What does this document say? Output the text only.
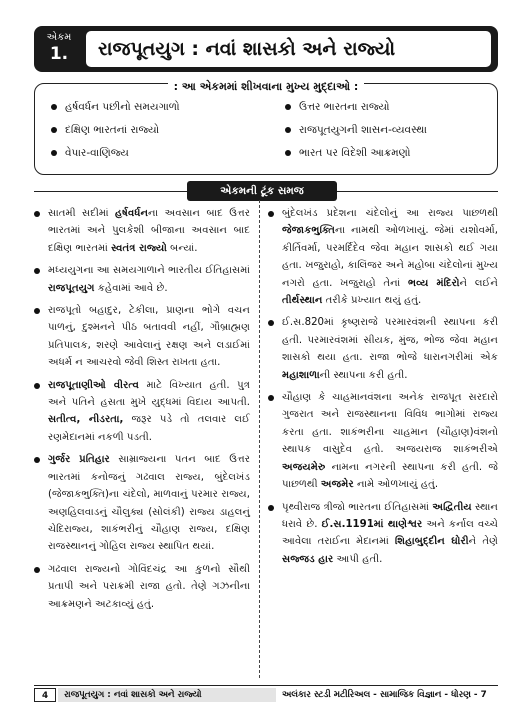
એકમ
1.	રાજપૂતયુગ : નવાં શાસકો અને રાજ્યો
: આ એકમમાં શીખવાના મુખ્ય મુદ્દાઓ :
હર્ષવર્ધન પછીનો સમયગાળો
દક્ષિણ ભારતનાં રાજ્યો
વેપાર-વાણિજ્ય
ઉત્તર ભારતના રાજ્યો
રાજપૂતયુગની શાસન-વ્યવસ્થા
ભારત પર વિદેશી આક્રમણો
એકમની ટૂંક સમજ
સાતમી સદીમાં હર્ષવર્ધનના અવસાન બાદ ઉત્તર ભારતમાં અને પુલકેશી બીજાના અવસાન બાદ દક્ષિણ ભારતમાં સ્વતંત્ર રાજ્યો બન્યાં.
મધ્યયુગના આ સમયગાળાને ભારતીય ઈતિહાસમાં રાજપૂતયુગ કહેવામાં આવે છે.
રાજપૂતો બહાદુર, ટેકીલા, પ્રાણના ભોગે વચન પાળનું, દુશ્મનને પીઠ બતાવવી નહીં, ગૌબ્રાહ્મણ પ્રતિપાલક, શરણે આવેલાનું રક્ષણ અને લડાઈમાં અધર્મ ન આચરવો જેવી શિસ્ત રાખતા હતા.
રાજપૂતાણીઓ વીરત્વ માટે વિખ્યાત હતી. પુત્ર અને પતિને હસતા મુખે યુદ્ધમાં વિદાય આપતી. સતીત્વ, નીડરતા, જરૂર પડે તો તલવાર લઈ રણમેદાનમાં નકળી પડતી.
ગુર્જર પ્રતિહાર સામ્રાજ્યના પતન બાદ ઉત્તર ભારતમાં કનોજનું ગઢવાલ રાજ્ય, બુંદેલખંડ (જેજાકભુક્તિ)ના ચંદેલો, માળવાનું પરમાર રાજ્ય, અણહિલવાડનું ચૌલુક્ય (સોલંકી) રાજ્ય ડાહલનું ચેદિરાજ્ય, શાકંભરીનું ચૌહાણ રાજ્ય, દક્ષિણ રાજસ્થાનનું ગોહિલ રાજ્ય સ્થાપિત થયાં.
ગઢવાલ રાજ્યનો ગોવિંદચંદ્ર આ કુળનો સૌથી પ્રતાપી અને પરાક્રમી રાજા હતો. તેણે ગઝનીના આક્રમણને અટકાવ્યું હતું.
બુંદેલખંડ પ્રદેશના ચંદેલોનું આ રાજ્ય પાછળથી જેજાકભુક્તિના નામથી ઓળખાયું. જેમાં યશોવર્મા, કીર્તિવર્મા, પરમર્દિદેવ જેવા મહાન શાસકો થઈ ગયા હતા. ખજુરાહો, કાલિંજર અને મહોબા ચંદેલોનાં મુખ્ય નગરો હતા. ખજુરાહો તેનાં ભવ્ય મંદિરોને લઈને તીર્થસ્થાન તરીકે પ્રખ્યાત થયું હતું.
ઈ.સ.820માં કૃષ્ણરાજે પરમારવંશની સ્થાપના કરી હતી. પરમારવંશમાં સીયક, મુંજ, ભોજ જેવા મહાન શાસકો થયા હતા. રાજા ભોજે ધારાનગરીમાં એક મહાશાળાની સ્થાપના કરી હતી.
ચૌહાણ કે ચાહમાનવંશના અનેક રાજપૂત સરદારો ગુજરાત અને રાજસ્થાનના વિવિધ ભાગોમાં રાજ્ય કરતા હતા. શાકંભરીના ચાહમાન (ચૌહાણ)વંશનો સ્થાપક વાસુદેવ હતો. અજયરાજ શાકંભરીએ અજયમેરુ નામના નગરની સ્થાપના કરી હતી. જે પાછળથી અજમેર નામે ઓળખાયું હતું.
પૃથ્વીરાજ ત્રીજો ભારતના ઈતિહાસમાં અદ્વિતીય સ્થાન ધરાવે છે. ઈ.સ.1191માં થાણેશ્વર અને કર્નાલ વચ્ચે આવેલા તરાઈના મેદાનમાં શિહાબુદ્દીન ઘોરીને તેણે સજ્જડ હાર આપી હતી.
4	રાજપૂતયુગ : નવાં શાસકો અને રાજ્યો	અલંકાર સ્ટડી મટીરિઅલ - સામાજિક વિજ્ઞાન - ધોરણ - 7
